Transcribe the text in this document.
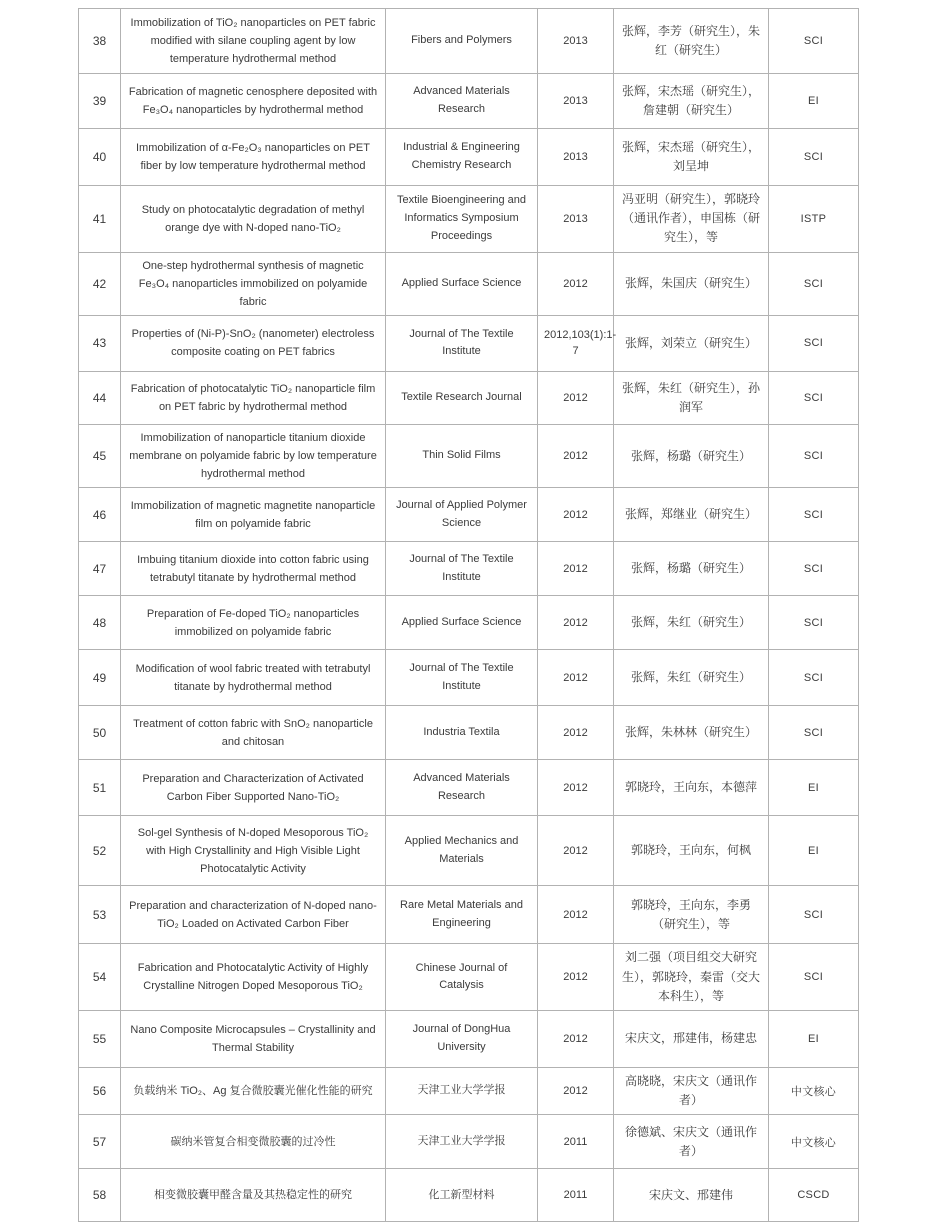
38	Immobilization of TiO₂ nanoparticles on PET fabric modified with silane coupling agent by low temperature hydrothermal method	Fibers and Polymers	2013	张辉，李芳（研究生），朱红（研究生）	SCI
39	Fabrication of magnetic cenosphere deposited with Fe₃O₄ nanoparticles by hydrothermal method	Advanced Materials Research	2013	张辉，宋杰瑶（研究生），詹建朝（研究生）	EI
40	Immobilization of α-Fe₂O₃ nanoparticles on PET fiber by low temperature hydrothermal method	Industrial & Engineering Chemistry Research	2013	张辉，宋杰瑶（研究生），刘呈坤	SCI
41	Study on photocatalytic degradation of methyl orange dye with N-doped nano-TiO₂	Textile Bioengineering and Informatics Symposium Proceedings	2013	冯亚明（研究生），郭晓玲（通讯作者），申国栋（研究生），等	ISTP
42	One-step hydrothermal synthesis of magnetic Fe₃O₄ nanoparticles immobilized on polyamide fabric	Applied Surface Science	2012	张辉，朱国庆（研究生）	SCI
43	Properties of (Ni-P)-SnO₂ (nanometer) electroless composite coating on PET fabrics	Journal of The Textile Institute	2012,103(1):1-7	张辉，刘荣立（研究生）	SCI
44	Fabrication of photocatalytic TiO₂ nanoparticle film on PET fabric by hydrothermal method	Textile Research Journal	2012	张辉，朱红（研究生），孙润军	SCI
45	Immobilization of nanoparticle titanium dioxide membrane on polyamide fabric by low temperature hydrothermal method	Thin Solid Films	2012	张辉，杨璐（研究生）	SCI
46	Immobilization of magnetic magnetite nanoparticle film on polyamide fabric	Journal of Applied Polymer Science	2012	张辉，郑继业（研究生）	SCI
47	Imbuing titanium dioxide into cotton fabric using tetrabutyl titanate by hydrothermal method	Journal of The Textile Institute	2012	张辉，杨璐（研究生）	SCI
48	Preparation of Fe-doped TiO₂ nanoparticles immobilized on polyamide fabric	Applied Surface Science	2012	张辉，朱红（研究生）	SCI
49	Modification of wool fabric treated with tetrabutyl titanate by hydrothermal method	Journal of The Textile Institute	2012	张辉，朱红（研究生）	SCI
50	Treatment of cotton fabric with SnO₂ nanoparticle and chitosan	Industria Textila	2012	张辉，朱林林（研究生）	SCI
51	Preparation and Characterization of Activated Carbon Fiber Supported Nano-TiO₂	Advanced Materials Research	2012	郭晓玲，王向东，本德萍	EI
52	Sol-gel Synthesis of N-doped Mesoporous TiO₂ with High Crystallinity and High Visible Light Photocatalytic Activity	Applied Mechanics and Materials	2012	郭晓玲，王向东，何枫	EI
53	Preparation and characterization of N-doped nano-TiO₂ Loaded on Activated Carbon Fiber	Rare Metal Materials and Engineering	2012	郭晓玲，王向东，李勇（研究生），等	SCI
54	Fabrication and Photocatalytic Activity of Highly Crystalline Nitrogen Doped Mesoporous TiO₂	Chinese Journal of Catalysis	2012	刘二强（项目组交大研究生），郭晓玲，秦雷（交大本科生），等	SCI
55	Nano Composite Microcapsules – Crystallinity and Thermal Stability	Journal of DongHua University	2012	宋庆文，邢建伟，杨建忠	EI
56	负载纳米 TiO₂、Ag 复合微胶囊光催化性能的研究	天津工业大学学报	2012	高晓晓，宋庆文（通讯作者）	中文核心
57	碳纳米管复合相变微胶囊的过冷性	天津工业大学学报	2011	徐德斌、宋庆文（通讯作者）	中文核心
58	相变微胶囊甲醛含量及其热稳定性的研究	化工新型材料	2011	宋庆文、邢建伟	CSCD
